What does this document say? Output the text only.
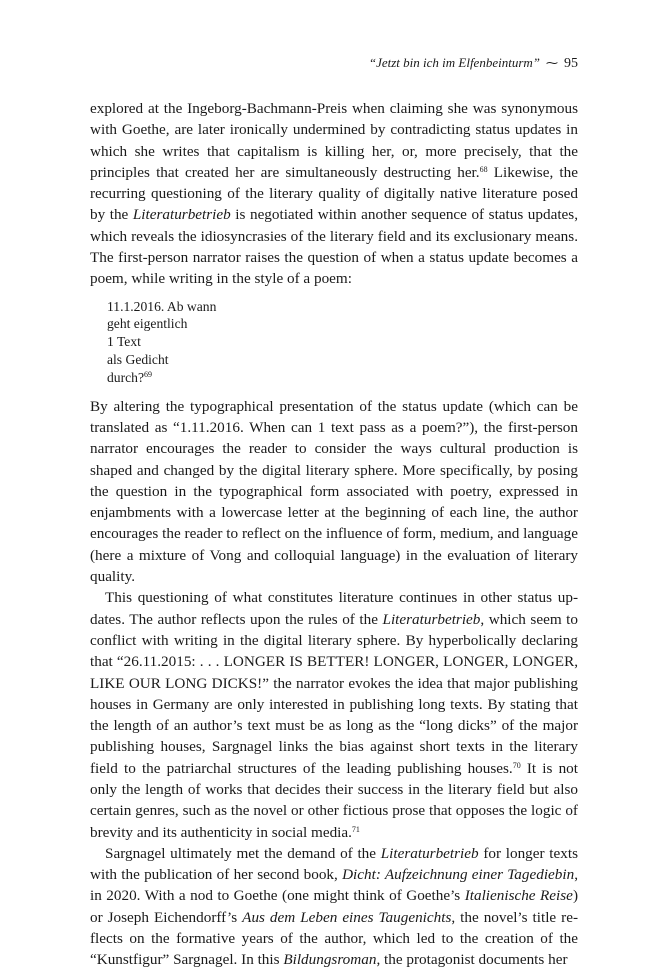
“Jetzt bin ich im Elfenbeinturm” ⁓ 95

explored at the Ingeborg-Bachmann-Preis when claiming she was synonymous with Goethe, are later ironically undermined by contradicting status updates in which she writes that capitalism is killing her, or, more precisely, that the principles that created her are simultaneously destructing her.$^{68}$ Likewise, the recurring questioning of the literary quality of digitally native literature posed by the Literaturbetrieb is negotiated within another sequence of status updates, which reveals the idiosyncrasies of the literary field and its exclusionary means. The first-person narrator raises the question of when a status update becomes a poem, while writing in the style of a poem:

11.1.2016. Ab wann
geht eigentlich
1 Text
als Gedicht
durch?$^{69}$

By altering the typographical presentation of the status update (which can be translated as “1.11.2016. When can 1 text pass as a poem?”), the first-person narrator encourages the reader to consider the ways cultural production is shaped and changed by the digital literary sphere. More specifically, by posing the question in the typographical form associated with poetry, expressed in enjambments with a lowercase letter at the beginning of each line, the author encourages the reader to reflect on the influence of form, medium, and language (here a mixture of Vong and colloquial language) in the evaluation of literary quality.

This questioning of what constitutes literature continues in other status updates. The author reflects upon the rules of the Literaturbetrieb, which seem to conflict with writing in the digital literary sphere. By hyperbolically declaring that “26.11.2015: . . . LONGER IS BETTER! LONGER, LONGER, LONGER, LIKE OUR LONG DICKS!” the narrator evokes the idea that major publishing houses in Germany are only interested in publishing long texts. By stating that the length of an author’s text must be as long as the “long dicks” of the major publishing houses, Sargnagel links the bias against short texts in the literary field to the patriarchal structures of the leading publishing houses.$^{70}$ It is not only the length of works that decides their success in the literary field but also certain genres, such as the novel or other fictious prose that opposes the logic of brevity and its authenticity in social media.$^{71}$

Sargnagel ultimately met the demand of the Literaturbetrieb for longer texts with the publication of her second book, Dicht: Aufzeichnung einer Tagediebin, in 2020. With a nod to Goethe (one might think of Goethe’s Italienische Reise) or Joseph Eichendorff’s Aus dem Leben eines Taugenichts, the novel’s title reflects on the formative years of the author, which led to the creation of the “Kunstfigur” Sargnagel. In this Bildungsroman, the protagonist documents her
